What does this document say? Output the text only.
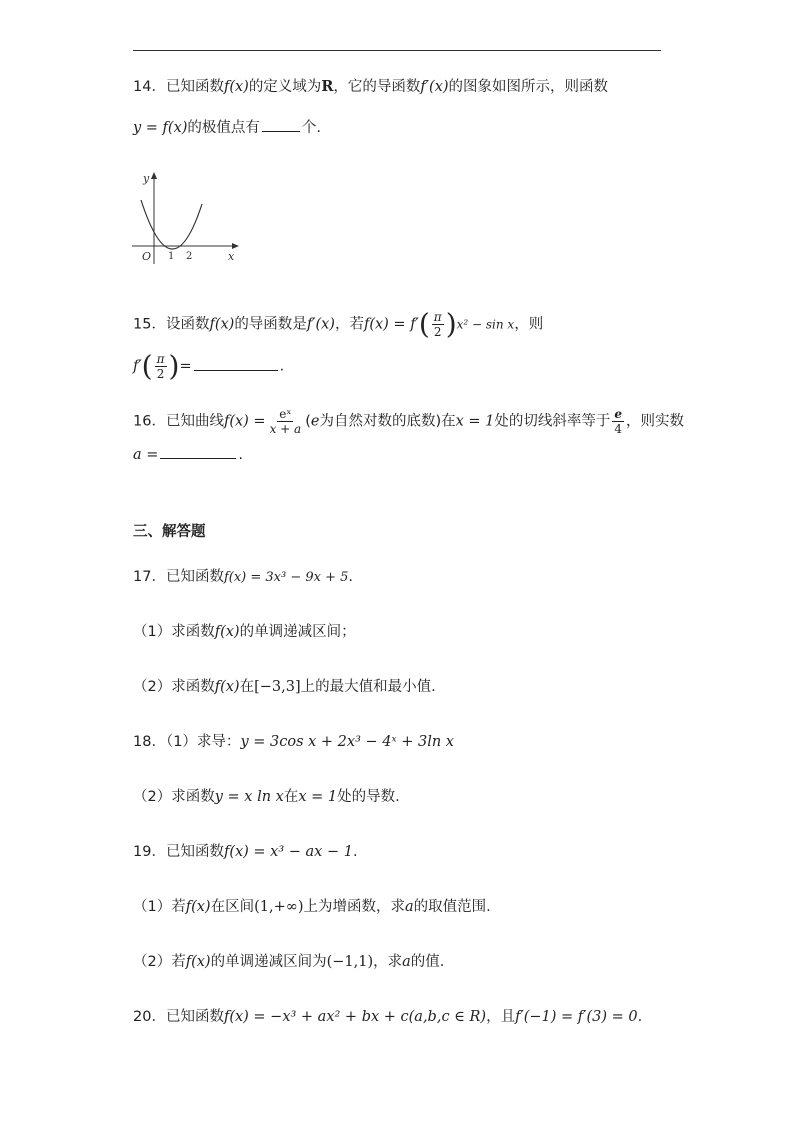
14．已知函数f(x)的定义域为R，它的导函数f′(x)的图象如图所示，则函数
y = f(x)的极值点有	个.
y
x
O 1 2
15．设函数f(x)的导函数是f′(x)，若$f(x) = f'( \frac{\pi}{2} )x^2 - \sin x$，则
$f'( \frac{\pi}{2}$ )=	.
16．已知曲线$f(x) = \frac{\text{eˣ}}{x + a} (e$为自然对数的底数)在x = 1处的切线斜率等于 $\frac{e}{4}$ ，则实数
a =	.
三、解答题
17．已知函数f(x) = 3x³ − 9x + 5.
（1）求函数f(x)的单调递减区间；
（2）求函数f(x)在[−3,3]上的最大值和最小值.
18．（1）求导：y = 3cos x + 2x³ − 4ˣ + 3ln x
（2）求函数y = x ln x在x = 1处的导数.
19．已知函数f(x) = x³ − ax − 1.
（1）若f(x)在区间(1,+∞)上为增函数，求a的取值范围.
（2）若f(x)的单调递减区间为(−1,1)，求a的值.
20．已知函数f(x) = −x³ + ax² + bx + c(a,b,c ∈ R)，且f′(−1) = f′(3) = 0.
